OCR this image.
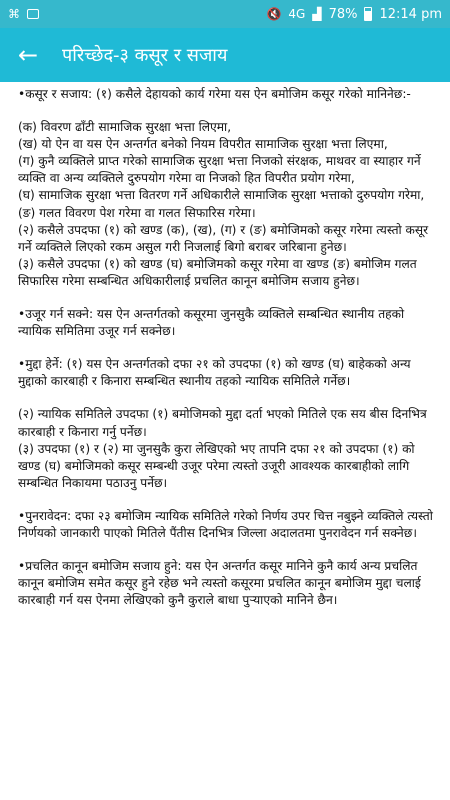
⌘	🔇 4G ▟ 78% 12:14 pm
← परिच्छेद-३ कसूर र सजाय

•कसूर र सजाय: (१) कसैले देहायको कार्य गरेमा यस ऐन बमोजिम कसूर गरेको मानिनेछ:-

(क) विवरण ढाँटी सामाजिक सुरक्षा भत्ता लिएमा,

(ख) यो ऐन वा यस ऐन अन्तर्गत बनेको नियम विपरीत सामाजिक सुरक्षा भत्ता लिएमा,

(ग) कुनै व्यक्तिले प्राप्त गरेको सामाजिक सुरक्षा भत्ता निजको संरक्षक, माथवर वा स्याहार गर्ने व्यक्ति वा अन्य व्यक्तिले दुरुपयोग गरेमा वा निजको हित विपरीत प्रयोग गरेमा,

(घ) सामाजिक सुरक्षा भत्ता वितरण गर्ने अधिकारीले सामाजिक सुरक्षा भत्ताको दुरुपयोग गरेमा,

(ङ) गलत विवरण पेश गरेमा वा गलत सिफारिस गरेमा।

(२) कसैले उपदफा (१) को खण्ड (क), (ख), (ग) र (ङ) बमोजिमको कसूर गरेमा त्यस्तो कसूर गर्ने व्यक्तिले लिएको रकम असुल गरी निजलाई बिगो बराबर जरिबाना हुनेछ।

(३) कसैले उपदफा (१) को खण्ड (घ) बमोजिमको कसूर गरेमा वा खण्ड (ङ) बमोजिम गलत सिफारिस गरेमा सम्बन्धित अधिकारीलाई प्रचलित कानून बमोजिम सजाय हुनेछ।

•उजूर गर्न सक्ने: यस ऐन अन्तर्गतको कसूरमा जुनसुकै व्यक्तिले सम्बन्धित स्थानीय तहको न्यायिक समितिमा उजूर गर्न सक्नेछ।

•मुद्दा हेर्ने: (१) यस ऐन अन्तर्गतको दफा २१ को उपदफा (१) को खण्ड (घ) बाहेकको अन्य मुद्दाको कारबाही र किनारा सम्बन्धित स्थानीय तहको न्यायिक समितिले गर्नेछ।

(२) न्यायिक समितिले उपदफा (१) बमोजिमको मुद्दा दर्ता भएको मितिले एक सय बीस दिनभित्र कारबाही र किनारा गर्नु पर्नेछ।

(३) उपदफा (१) र (२) मा जुनसुकै कुरा लेखिएको भए तापनि दफा २१ को उपदफा (१) को खण्ड (घ) बमोजिमको कसूर सम्बन्धी उजूर परेमा त्यस्तो उजूरी आवश्यक कारबाहीको लागि सम्बन्धित निकायमा पठाउनु पर्नेछ।

•पुनरावेदन: दफा २३ बमोजिम न्यायिक समितिले गरेको निर्णय उपर चित्त नबुझ्ने व्यक्तिले त्यस्तो निर्णयको जानकारी पाएको मितिले पैंतीस दिनभित्र जिल्ला अदालतमा पुनरावेदन गर्न सक्नेछ।

•प्रचलित कानून बमोजिम सजाय हुने: यस ऐन अन्तर्गत कसूर मानिने कुनै कार्य अन्य प्रचलित कानून बमोजिम समेत कसूर हुने रहेछ भने त्यस्तो कसूरमा प्रचलित कानून बमोजिम मुद्दा चलाई कारबाही गर्न यस ऐनमा लेखिएको कुनै कुराले बाधा पुऱ्याएको मानिने छैन।
